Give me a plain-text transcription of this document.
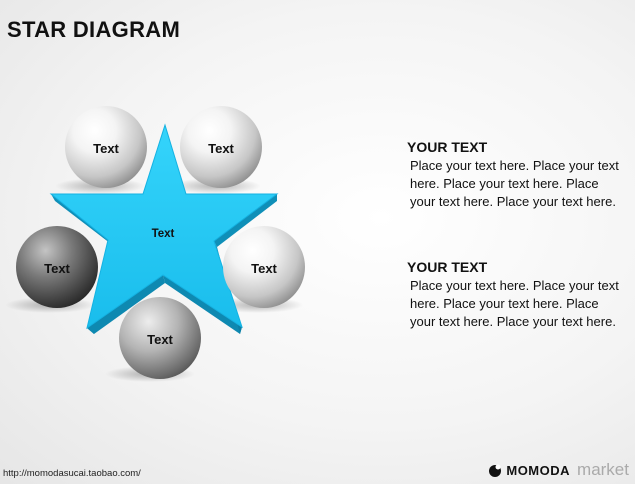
STAR DIAGRAM
Text	Text
Text
Text	Text
Text
YOUR TEXT
Place your text here. Place your text here. Place your text here. Place your text here. Place your text here.
YOUR TEXT
Place your text here. Place your text here. Place your text here. Place your text here. Place your text here.
http://momodasucai.taobao.com/	MOMODA market
